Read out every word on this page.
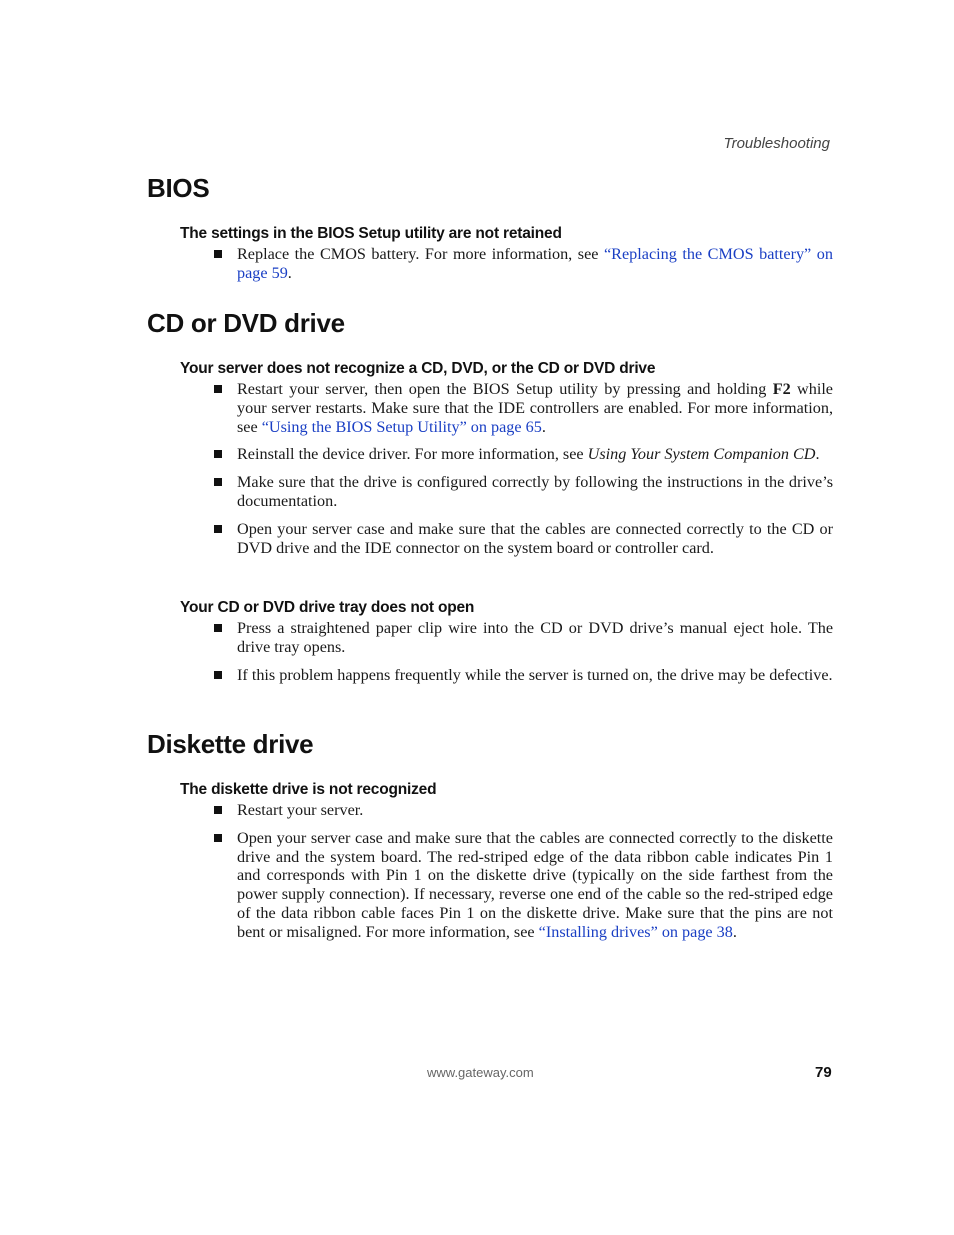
Troubleshooting
BIOS
The settings in the BIOS Setup utility are not retained
Replace the CMOS battery. For more information, see “Replacing the CMOS battery” on page 59.
CD or DVD drive
Your server does not recognize a CD, DVD, or the CD or DVD drive
Restart your server, then open the BIOS Setup utility by pressing and holding F2 while your server restarts. Make sure that the IDE controllers are enabled. For more information, see “Using the BIOS Setup Utility” on page 65.
Reinstall the device driver. For more information, see Using Your System Companion CD.
Make sure that the drive is configured correctly by following the instructions in the drive’s documentation.
Open your server case and make sure that the cables are connected correctly to the CD or DVD drive and the IDE connector on the system board or controller card.
Your CD or DVD drive tray does not open
Press a straightened paper clip wire into the CD or DVD drive’s manual eject hole. The drive tray opens.
If this problem happens frequently while the server is turned on, the drive may be defective.
Diskette drive
The diskette drive is not recognized
Restart your server.
Open your server case and make sure that the cables are connected correctly to the diskette drive and the system board. The red-striped edge of the data ribbon cable indicates Pin 1 and corresponds with Pin 1 on the diskette drive (typically on the side farthest from the power supply connection). If necessary, reverse one end of the cable so the red-striped edge of the data ribbon cable faces Pin 1 on the diskette drive. Make sure that the pins are not bent or misaligned. For more information, see “Installing drives” on page 38.
www.gateway.com	79
